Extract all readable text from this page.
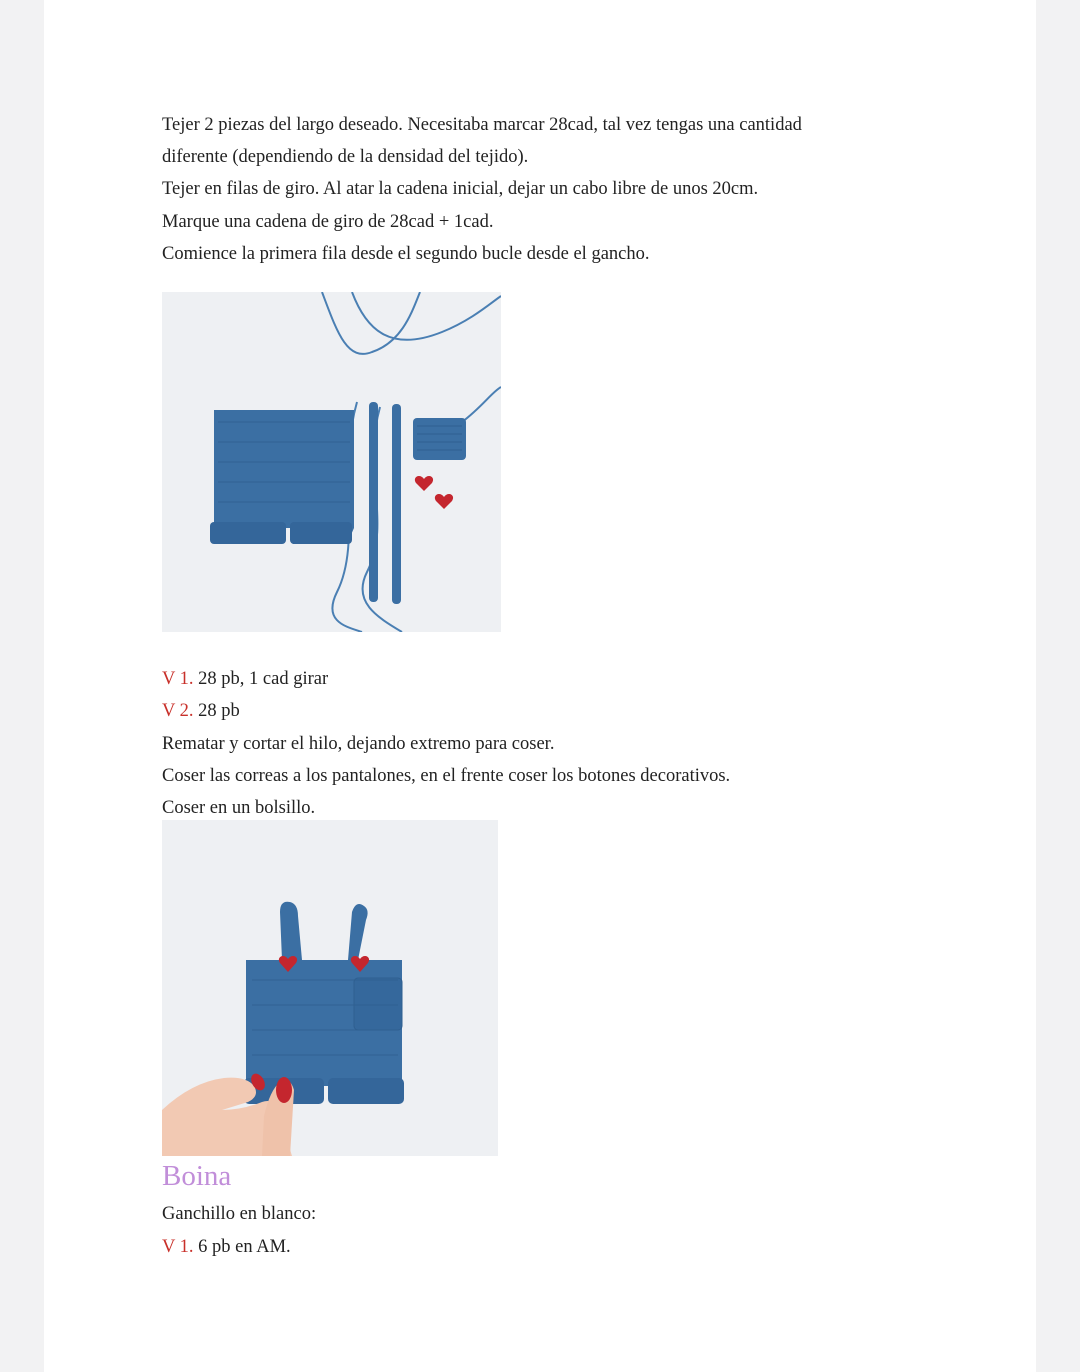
Tejer 2 piezas del largo deseado. Necesitaba marcar 28cad, tal vez tengas una cantidad
diferente (dependiendo de la densidad del tejido).
Tejer en filas de giro. Al atar la cadena inicial, dejar un cabo libre de unos 20cm.
Marque una cadena de giro de 28cad + 1cad.
Comience la primera fila desde el segundo bucle desde el gancho.
V 1. 28 pb, 1 cad girar
V 2. 28 pb
Rematar y cortar el hilo, dejando extremo para coser.
Coser las correas a los pantalones, en el frente coser los botones decorativos.
Coser en un bolsillo.
Boina
Ganchillo en blanco:
V 1. 6 pb en AM.
